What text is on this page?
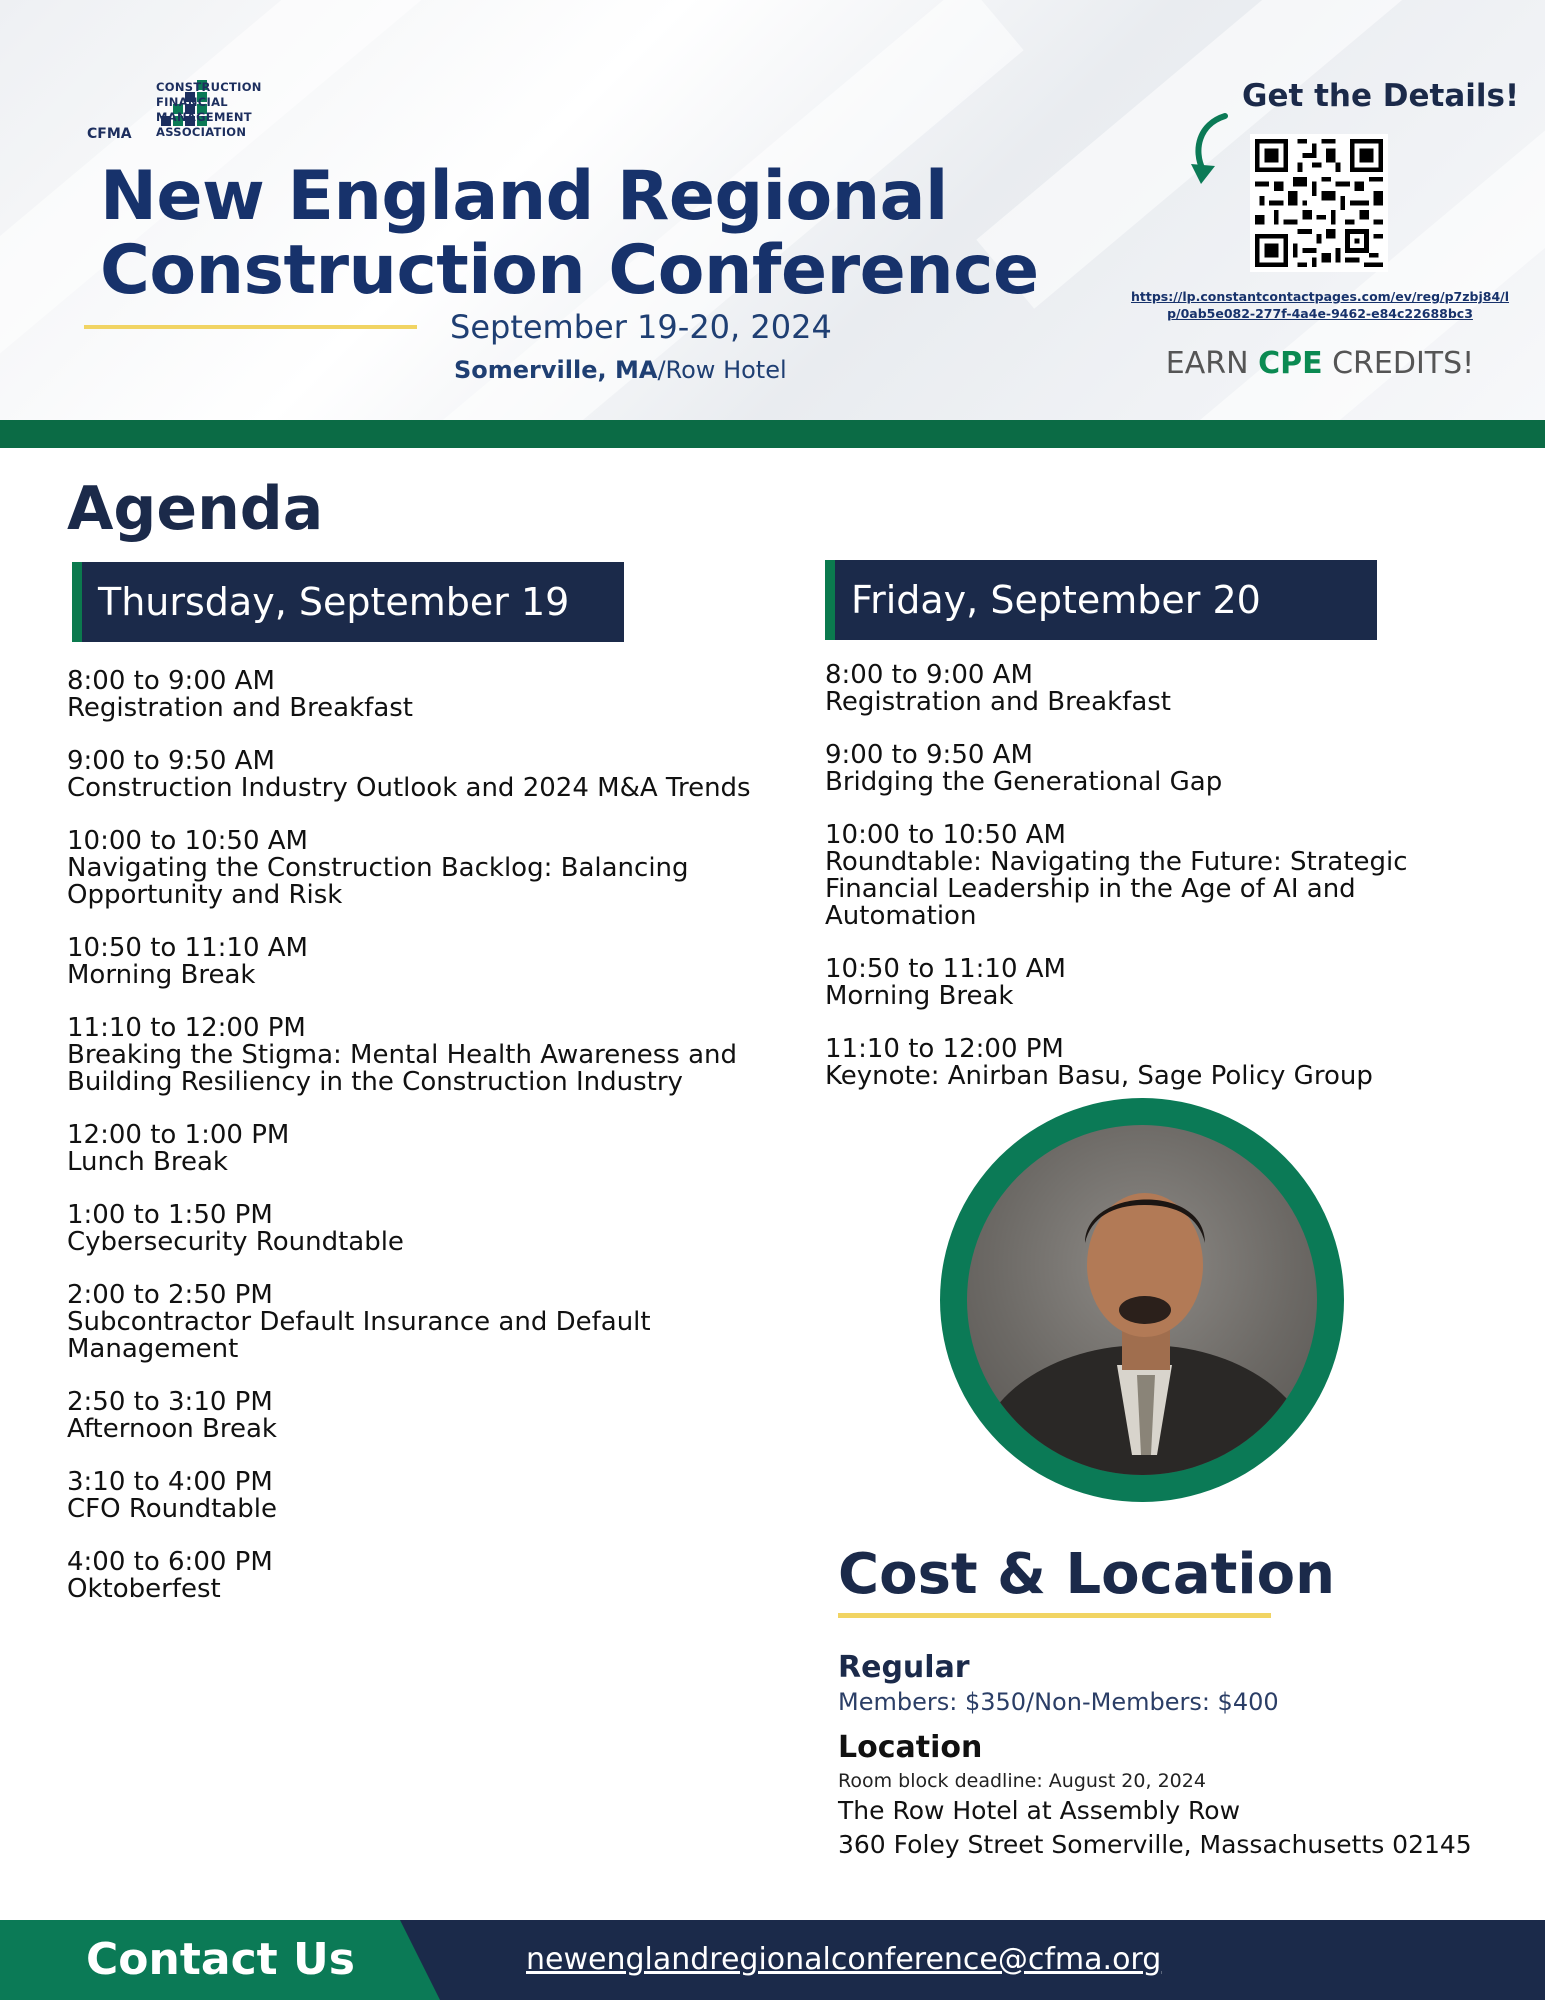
CONSTRUCTION
FINANCIAL
MANAGEMENT
ASSOCIATION
CFMA
New England Regional
Construction Conference
September 19-20, 2024
Somerville, MA/Row Hotel
Get the Details!
https://lp.constantcontactpages.com/ev/reg/p7zbj84/lp/0ab5e082-277f-4a4e-9462-e84c22688bc3
EARN CPE CREDITS!
Agenda
Thursday, September 19	Friday, September 20
8:00 to 9:00 AM
Registration and Breakfast
9:00 to 9:50 AM
Construction Industry Outlook and 2024 M&A Trends
10:00 to 10:50 AM
Navigating the Construction Backlog: Balancing Opportunity and Risk
10:50 to 11:10 AM
Morning Break
11:10 to 12:00 PM
Breaking the Stigma: Mental Health Awareness and Building Resiliency in the Construction Industry
12:00 to 1:00 PM
Lunch Break
1:00 to 1:50 PM
Cybersecurity Roundtable
2:00 to 2:50 PM
Subcontractor Default Insurance and Default Management
2:50 to 3:10 PM
Afternoon Break
3:10 to 4:00 PM
CFO Roundtable
4:00 to 6:00 PM
Oktoberfest
8:00 to 9:00 AM
Registration and Breakfast
9:00 to 9:50 AM
Bridging the Generational Gap
10:00 to 10:50 AM
Roundtable: Navigating the Future: Strategic Financial Leadership in the Age of AI and Automation
10:50 to 11:10 AM
Morning Break
11:10 to 12:00 PM
Keynote: Anirban Basu, Sage Policy Group
Cost & Location
Regular
Members: $350/Non-Members: $400
Location
Room block deadline: August 20, 2024
The Row Hotel at Assembly Row
360 Foley Street Somerville, Massachusetts 02145
Contact Us	newenglandregionalconference@cfma.org
